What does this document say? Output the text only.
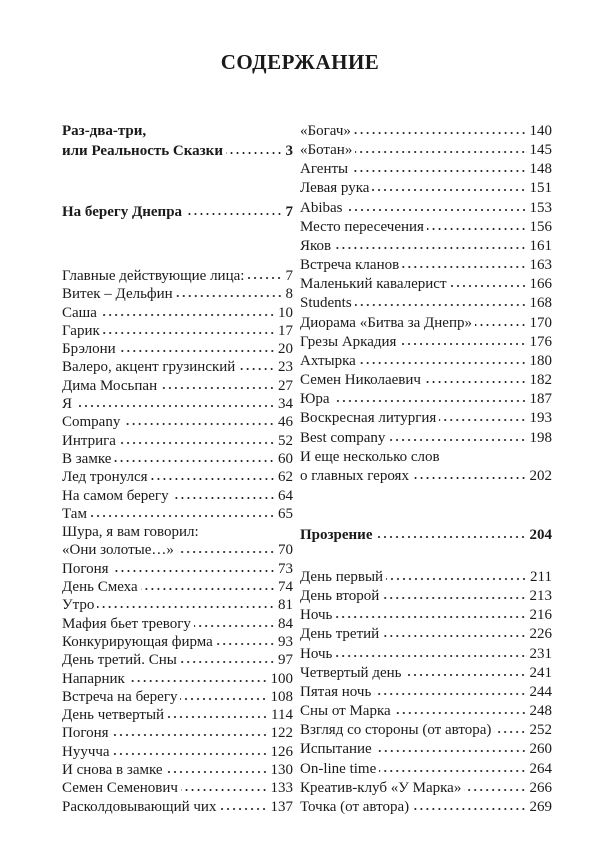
СОДЕРЖАНИЕ
Раз-два-три,
или Реальность Сказки	3
На берегу Днепра	7
Главные действующие лица:	7
Витек – Дельфин	8
Саша	10
Гарик	17
Брэлони	20
Валеро, акцент грузинский	23
Дима Мосьпан	27
Я	34
Company	46
Интрига	52
В замке	60
Лед тронулся	62
На самом берегу	64
Там	65
Шура, я вам говорил:
«Они золотые…»	70
Погоня	73
День Смеха	74
Утро	81
Мафия бьет тревогу	84
Конкурирующая фирма	93
День третий. Сны	97
Напарник	100
Встреча на берегу	108
День четвертый	114
Погоня	122
Нуучча	126
И снова в замке	130
Семен Семенович	133
Расколдовывающий чих	137
«Богач»	140
«Ботан»	145
Агенты	148
Левая рука	151
Abibas	153
Место пересечения	156
Яков	161
Встреча кланов	163
Маленький кавалерист	166
Students	168
Диорама «Битва за Днепр»	170
Грезы Аркадия	176
Ахтырка	180
Семен Николаевич	182
Юра	187
Воскресная литургия	193
Best company	198
И еще несколько слов
о главных героях	202
Прозрение	204
День первый	211
День второй	213
Ночь	216
День третий	226
Ночь	231
Четвертый день	241
Пятая ночь	244
Сны от Марка	248
Взгляд со стороны (от автора)	252
Испытание	260
On-line time	264
Креатив-клуб «У Марка»	266
Точка (от автора)	269
